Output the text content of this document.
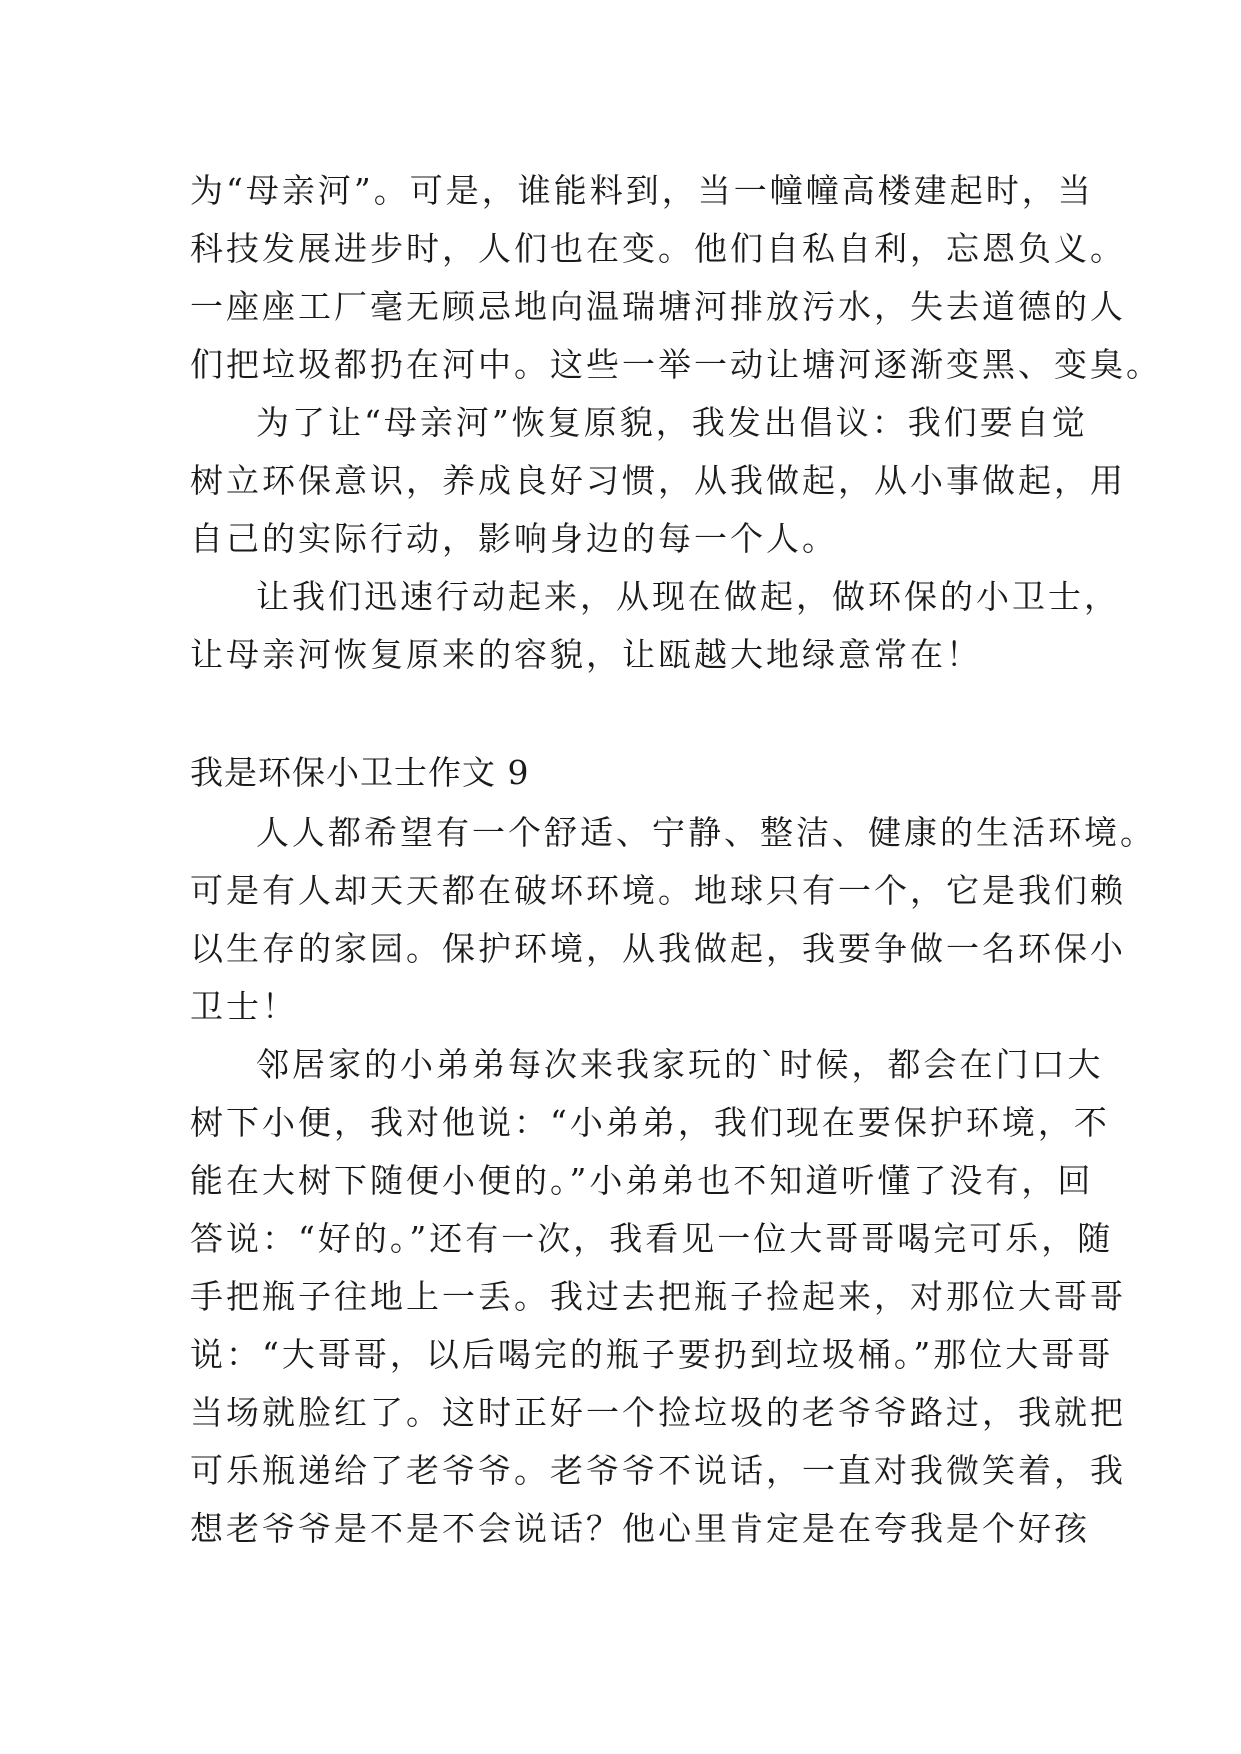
为“母亲河”。可是，谁能料到，当一幢幢高楼建起时，当
科技发展进步时，人们也在变。他们自私自利，忘恩负义。
一座座工厂毫无顾忌地向温瑞塘河排放污水，失去道德的人
们把垃圾都扔在河中。这些一举一动让塘河逐渐变黑、变臭。
为了让“母亲河”恢复原貌，我发出倡议：我们要自觉
树立环保意识，养成良好习惯，从我做起，从小事做起，用
自己的实际行动，影响身边的每一个人。
让我们迅速行动起来，从现在做起，做环保的小卫士，
让母亲河恢复原来的容貌，让瓯越大地绿意常在！
我是环保小卫士作文 9
人人都希望有一个舒适、宁静、整洁、健康的生活环境。
可是有人却天天都在破坏环境。地球只有一个，它是我们赖
以生存的家园。保护环境，从我做起，我要争做一名环保小
卫士！
邻居家的小弟弟每次来我家玩的`时候，都会在门口大
树下小便，我对他说：“小弟弟，我们现在要保护环境，不
能在大树下随便小便的。”小弟弟也不知道听懂了没有，回
答说：“好的。”还有一次，我看见一位大哥哥喝完可乐，随
手把瓶子往地上一丢。我过去把瓶子捡起来，对那位大哥哥
说：“大哥哥，以后喝完的瓶子要扔到垃圾桶。”那位大哥哥
当场就脸红了。这时正好一个捡垃圾的老爷爷路过，我就把
可乐瓶递给了老爷爷。老爷爷不说话，一直对我微笑着，我
想老爷爷是不是不会说话？他心里肯定是在夸我是个好孩
